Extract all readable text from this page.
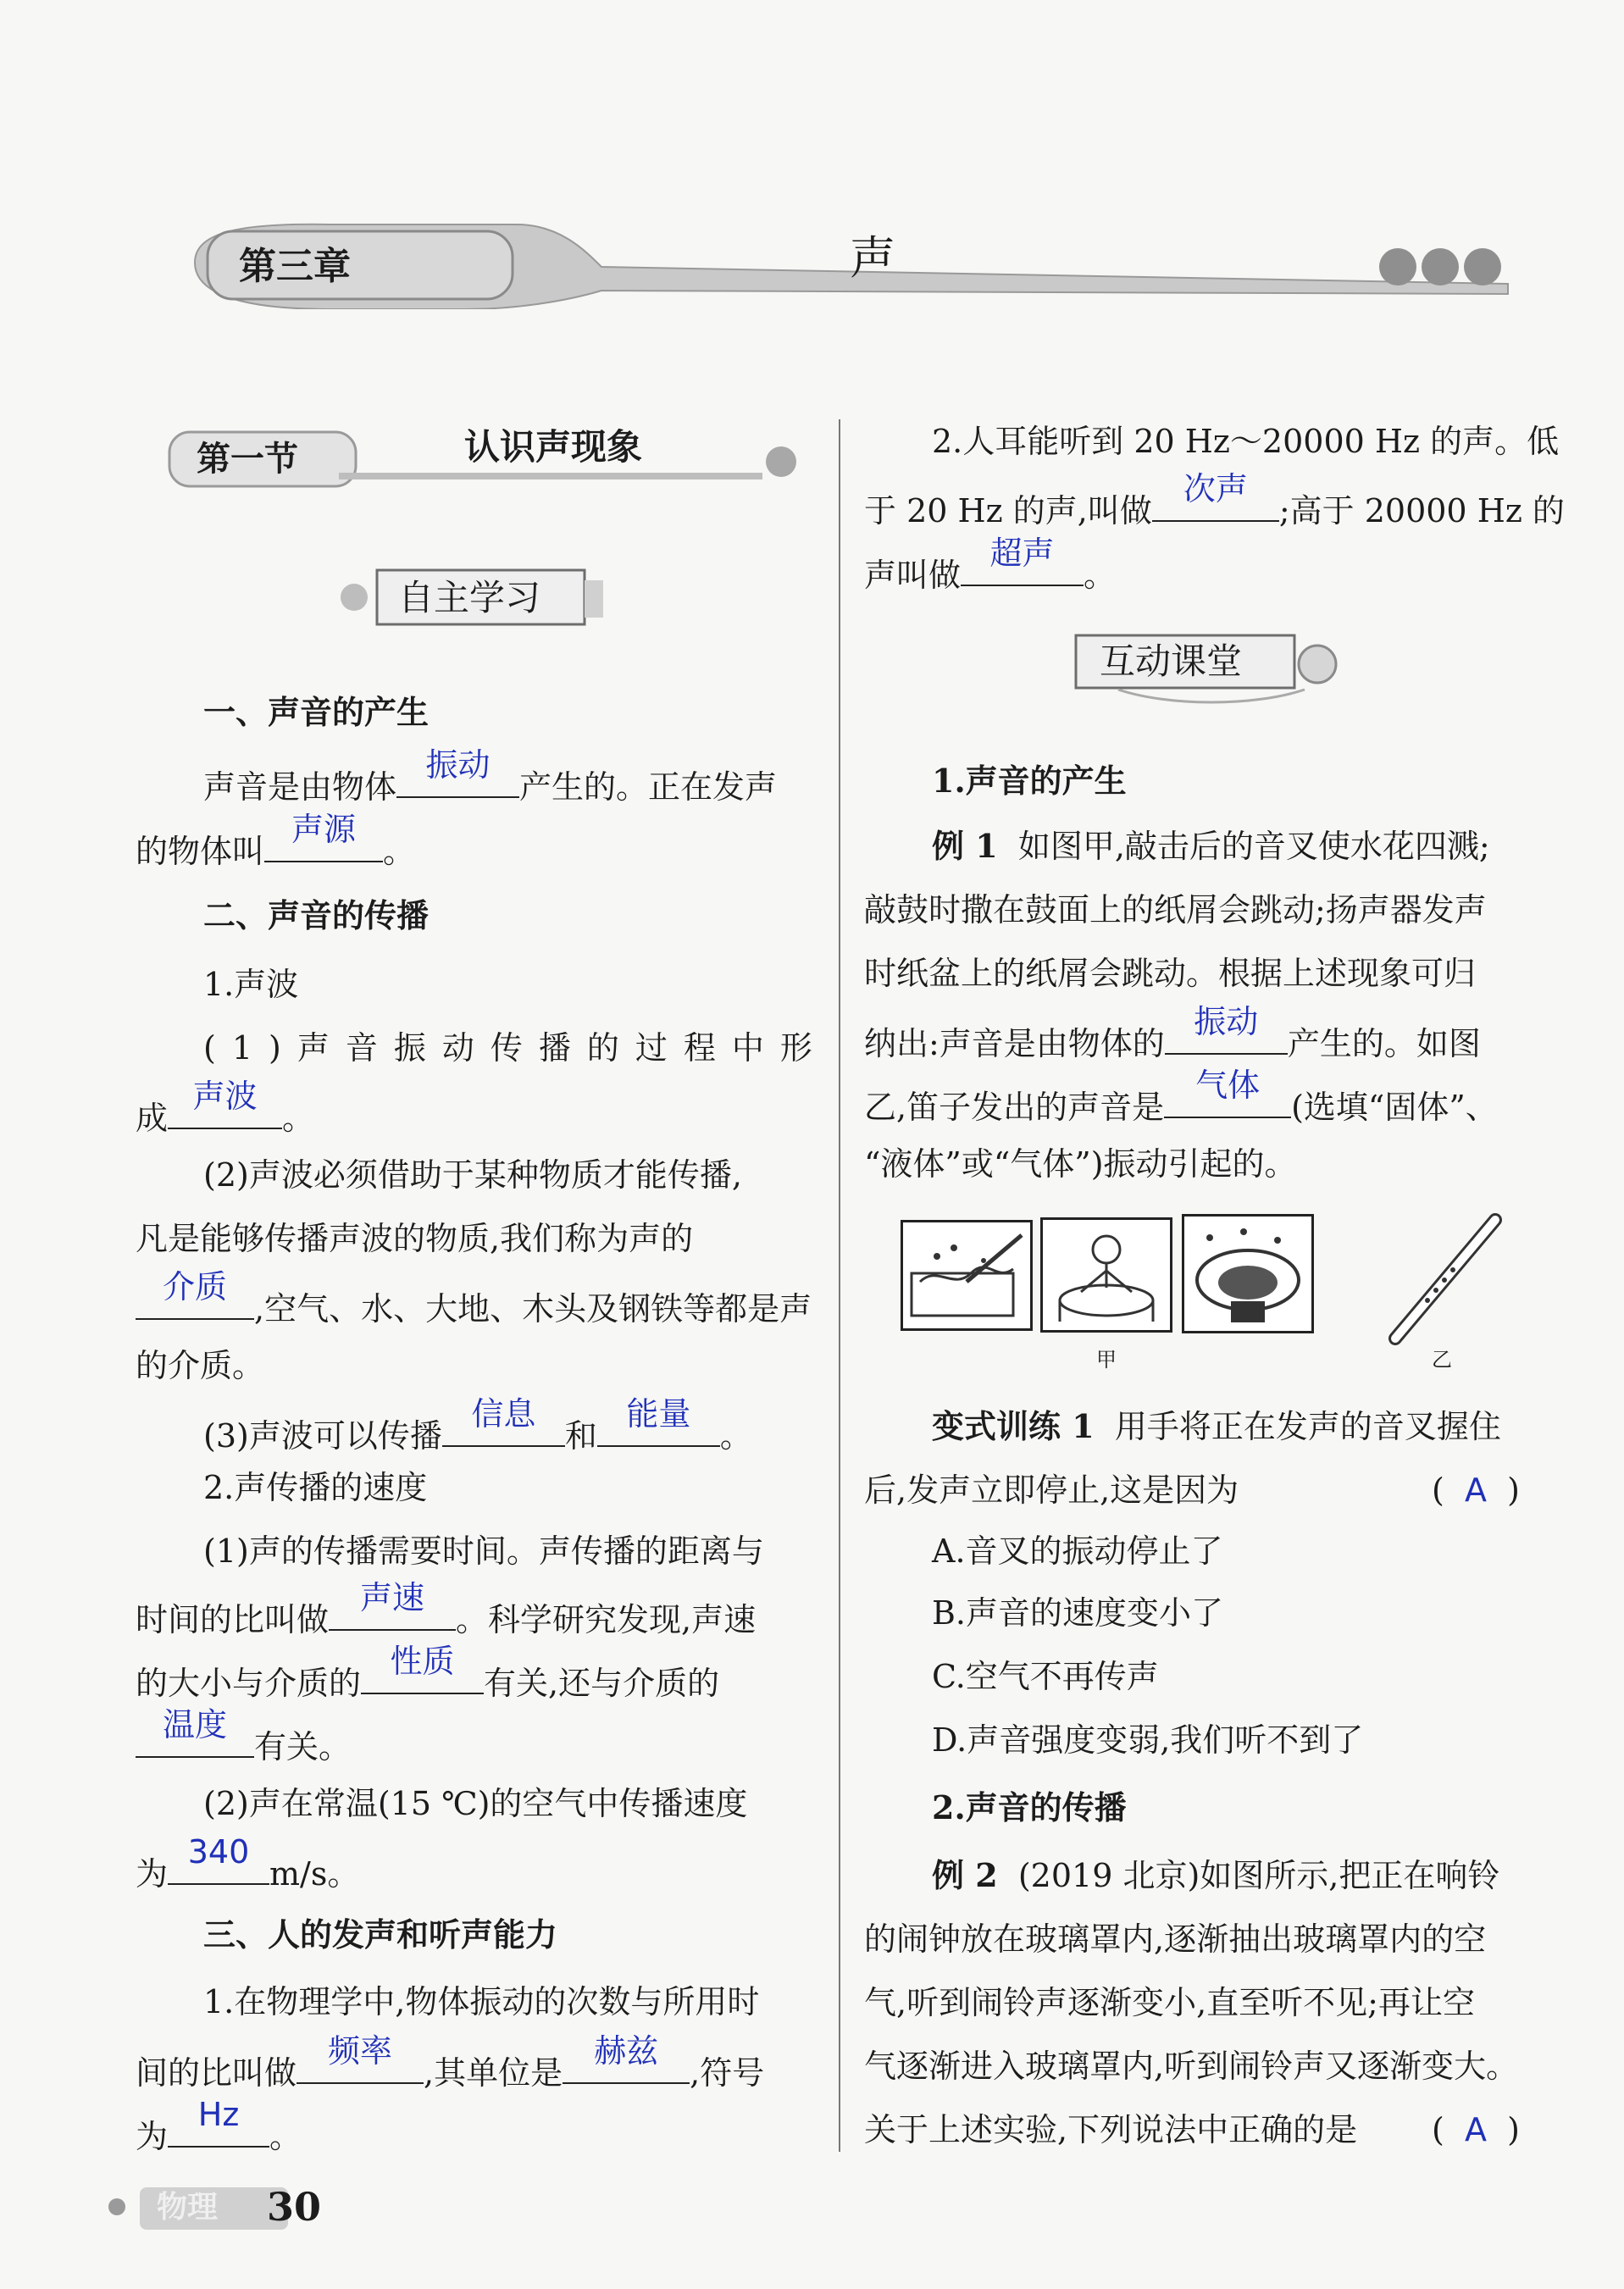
第三章	声
第一节	认识声现象
自主学习
一、声音的产生
声音是由物体
振动
产生的。正在发声
的物体叫
声源
。
二、声音的传播
1.声波
(1)声音振动传播的过程中形
成
声波
。
(2)声波必须借助于某种物质才能传播,
凡是能够传播声波的物质,我们称为声的
介质
,空气、水、大地、木头及钢铁等都是声
的介质。
(3)声波可以传播
信息
和
能量
。
2.声传播的速度
(1)声的传播需要时间。声传播的距离与
时间的比叫做
声速
。科学研究发现,声速
的大小与介质的
性质
有关,还与介质的
温度
有关。
(2)声在常温(15 ℃)的空气中传播速度
为
340
m/s。
三、人的发声和听声能力
1.在物理学中,物体振动的次数与所用时
间的比叫做
频率
,其单位是
赫兹
,符号
为
Hz
。
2.人耳能听到 20 Hz～20000 Hz 的声。低
于 20 Hz 的声,叫做
次声
;高于 20000 Hz 的
声叫做
超声
。
互动课堂
1.声音的产生
例 1 如图甲,敲击后的音叉使水花四溅;
敲鼓时撒在鼓面上的纸屑会跳动;扬声器发声
时纸盆上的纸屑会跳动。根据上述现象可归
纳出:声音是由物体的
振动
产生的。如图
乙,笛子发出的声音是
气体
(选填“固体”、
“液体”或“气体”)振动引起的。
甲	乙
变式训练 1 用手将正在发声的音叉握住
后,发声立即停止,这是因为	( A )
A.音叉的振动停止了
B.声音的速度变小了
C.空气不再传声
D.声音强度变弱,我们听不到了
2.声音的传播
例 2 (2019 北京)如图所示,把正在响铃
的闹钟放在玻璃罩内,逐渐抽出玻璃罩内的空
气,听到闹铃声逐渐变小,直至听不见;再让空
气逐渐进入玻璃罩内,听到闹铃声又逐渐变大。
关于上述实验,下列说法中正确的是 ( A )
物理 30
